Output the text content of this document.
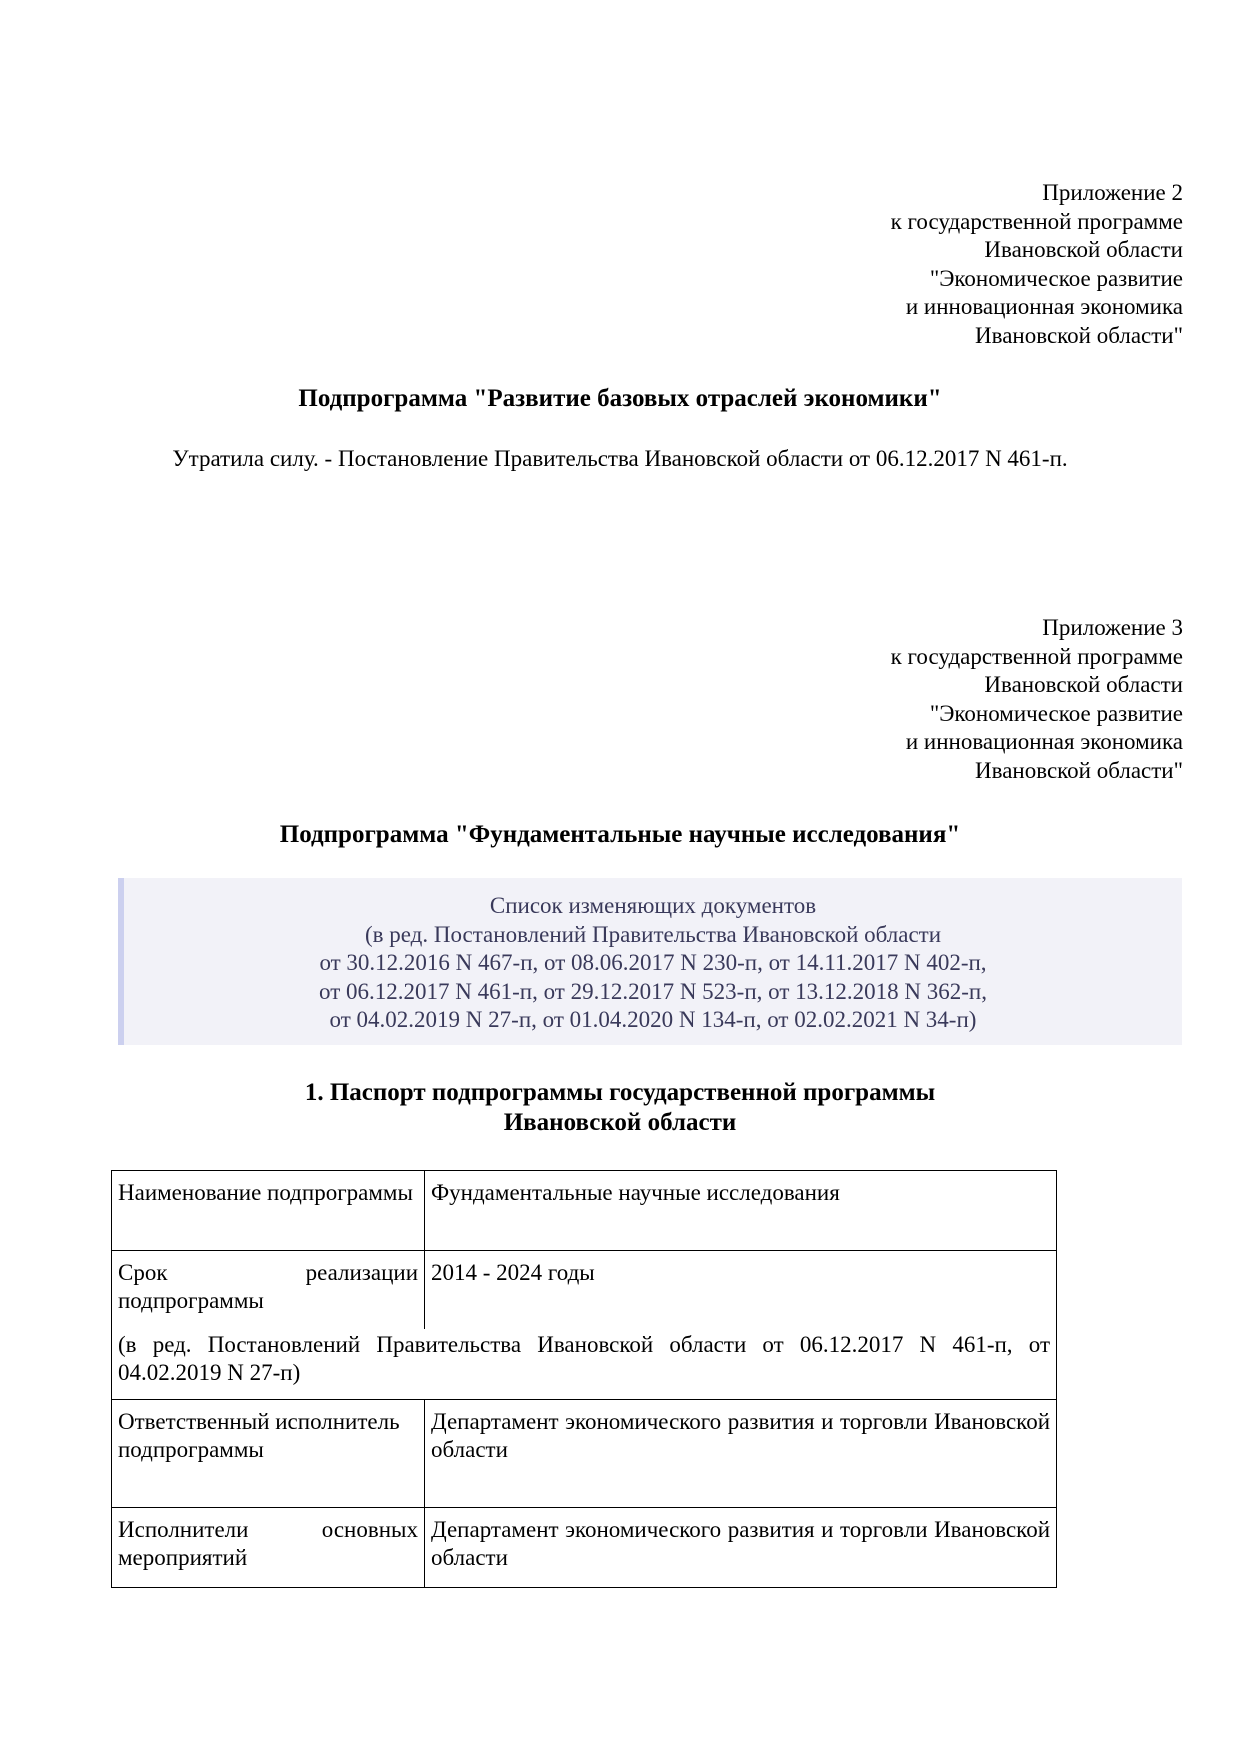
Приложение 2
к государственной программе
Ивановской области
"Экономическое развитие
и инновационная экономика
Ивановской области"
Подпрограмма "Развитие базовых отраслей экономики"
Утратила силу. - Постановление Правительства Ивановской области от 06.12.2017 N 461-п.
Приложение 3
к государственной программе
Ивановской области
"Экономическое развитие
и инновационная экономика
Ивановской области"
Подпрограмма "Фундаментальные научные исследования"
Список изменяющих документов
(в ред. Постановлений Правительства Ивановской области
от 30.12.2016 N 467-п, от 08.06.2017 N 230-п, от 14.11.2017 N 402-п,
от 06.12.2017 N 461-п, от 29.12.2017 N 523-п, от 13.12.2018 N 362-п,
от 04.02.2019 N 27-п, от 01.04.2020 N 134-п, от 02.02.2021 N 34-п)
1. Паспорт подпрограммы государственной программы
Ивановской области
Наименование подпрограммы	Фундаментальные научные исследования
Срок реализации подпрограммы	2014 - 2024 годы
(в ред. Постановлений Правительства Ивановской области от 06.12.2017 N 461-п, от 04.02.2019 N 27-п)	
Ответственный исполнитель подпрограммы	Департамент экономического развития и торговли Ивановской области
Исполнители основных мероприятий	Департамент экономического развития и торговли Ивановской области
